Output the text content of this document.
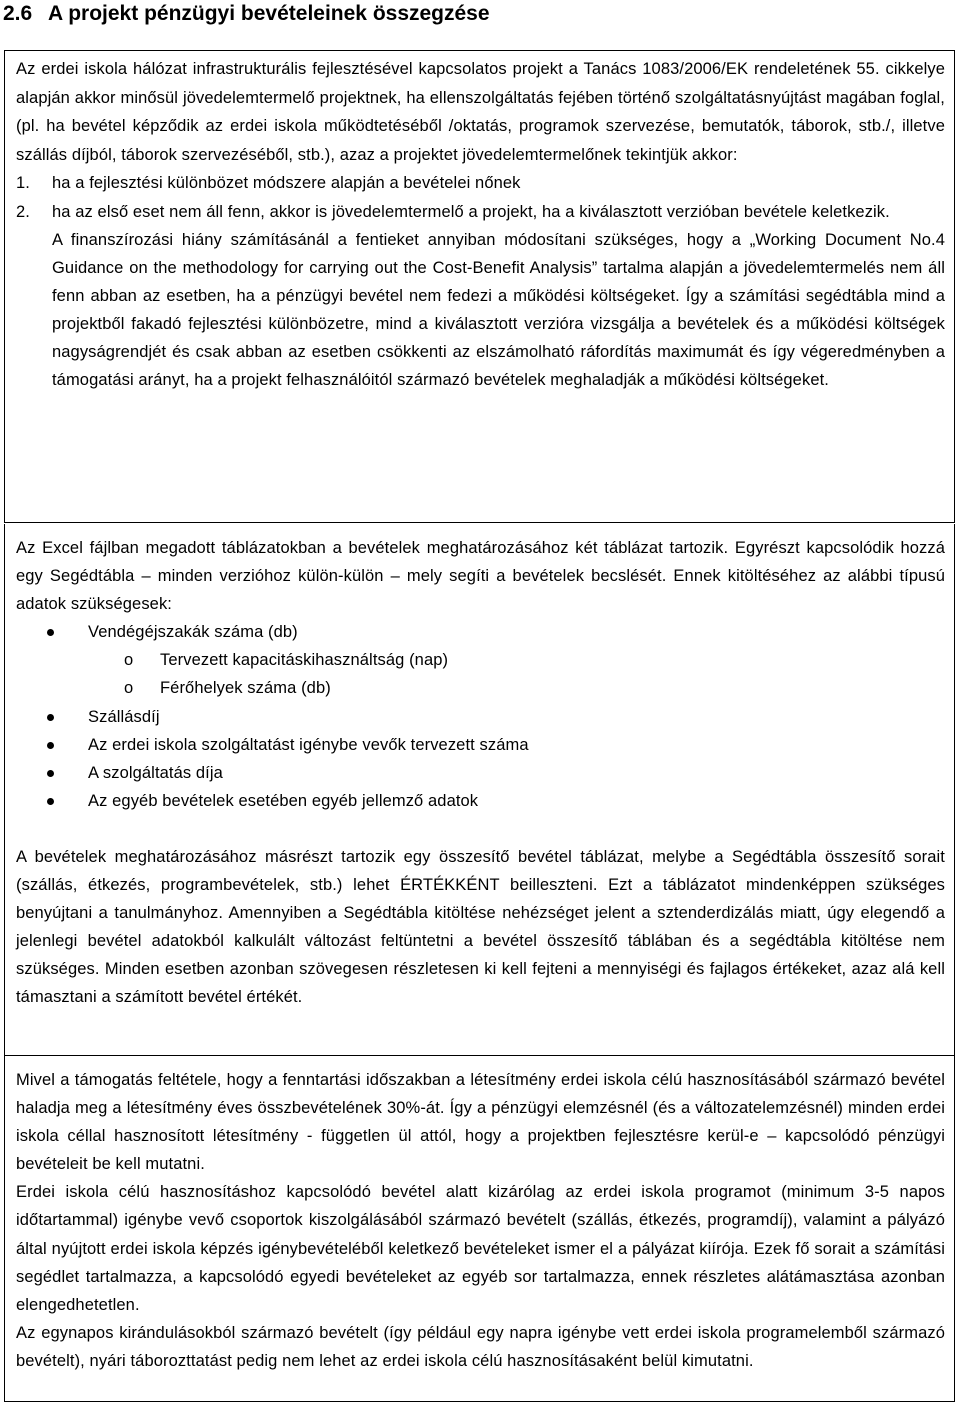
2.6 A projekt pénzügyi bevételeinek összegzése

Az erdei iskola hálózat infrastrukturális fejlesztésével kapcsolatos projekt a Tanács 1083/2006/EK rendeletének 55. cikkelye alapján akkor minősül jövedelemtermelő projektnek, ha ellenszolgáltatás fejében történő szolgáltatásnyújtást magában foglal, (pl. ha bevétel képződik az erdei iskola működtetéséből /oktatás, programok szervezése, bemutatók, táborok, stb./, illetve szállás díjból, táborok szervezéséből, stb.), azaz a projektet jövedelemtermelőnek tekintjük akkor:

1. ha a fejlesztési különbözet módszere alapján a bevételei nőnek

2. ha az első eset nem áll fenn, akkor is jövedelemtermelő a projekt, ha a kiválasztott verzióban bevétele keletkezik.

A finanszírozási hiány számításánál a fentieket annyiban módosítani szükséges, hogy a „Working Document No.4 Guidance on the methodology for carrying out the Cost-Benefit Analysis” tartalma alapján a jövedelemtermelés nem áll fenn abban az esetben, ha a pénzügyi bevétel nem fedezi a működési költségeket. Így a számítási segédtábla mind a projektből fakadó fejlesztési különbözetre, mind a kiválasztott verzióra vizsgálja a bevételek és a működési költségek nagyságrendjét és csak abban az esetben csökkenti az elszámolható ráfordítás maximumát és így végeredményben a támogatási arányt, ha a projekt felhasználóitól származó bevételek meghaladják a működési költségeket.

Az Excel fájlban megadott táblázatokban a bevételek meghatározásához két táblázat tartozik. Egyrészt kapcsolódik hozzá egy Segédtábla – minden verzióhoz külön-külön – mely segíti a bevételek becslését. Ennek kitöltéséhez az alábbi típusú adatok szükségesek:

Vendégéjszakák száma (db)

o Tervezett kapacitáskihasználtság (nap)

o Férőhelyek száma (db)

Szállásdíj

Az erdei iskola szolgáltatást igénybe vevők tervezett száma

A szolgáltatás díja

Az egyéb bevételek esetében egyéb jellemző adatok

A bevételek meghatározásához másrészt tartozik egy összesítő bevétel táblázat, melybe a Segédtábla összesítő sorait (szállás, étkezés, programbevételek, stb.) lehet ÉRTÉKKÉNT beilleszteni. Ezt a táblázatot mindenképpen szükséges benyújtani a tanulmányhoz. Amennyiben a Segédtábla kitöltése nehézséget jelent a sztenderdizálás miatt, úgy elegendő a jelenlegi bevétel adatokból kalkulált változást feltüntetni a bevétel összesítő táblában és a segédtábla kitöltése nem szükséges. Minden esetben azonban szövegesen részletesen ki kell fejteni a mennyiségi és fajlagos értékeket, azaz alá kell támasztani a számított bevétel értékét.

Mivel a támogatás feltétele, hogy a fenntartási időszakban a létesítmény erdei iskola célú hasznosításából származó bevétel haladja meg a létesítmény éves összbevételének 30%-át. Így a pénzügyi elemzésnél (és a változatelemzésnél) minden erdei iskola céllal hasznosított létesítmény - független ül attól, hogy a projektben fejlesztésre kerül-e – kapcsolódó pénzügyi bevételeit be kell mutatni.

Erdei iskola célú hasznosításhoz kapcsolódó bevétel alatt kizárólag az erdei iskola programot (minimum 3-5 napos időtartammal) igénybe vevő csoportok kiszolgálásából származó bevételt (szállás, étkezés, programdíj), valamint a pályázó által nyújtott erdei iskola képzés igénybevételéből keletkező bevételeket ismer el a pályázat kiírója. Ezek fő sorait a számítási segédlet tartalmazza, a kapcsolódó egyedi bevételeket az egyéb sor tartalmazza, ennek részletes alátámasztása azonban elengedhetetlen.

Az egynapos kirándulásokból származó bevételt (így például egy napra igénybe vett erdei iskola programelemből származó bevételt), nyári táborozttatást pedig nem lehet az erdei iskola célú hasznosításaként belül kimutatni.
